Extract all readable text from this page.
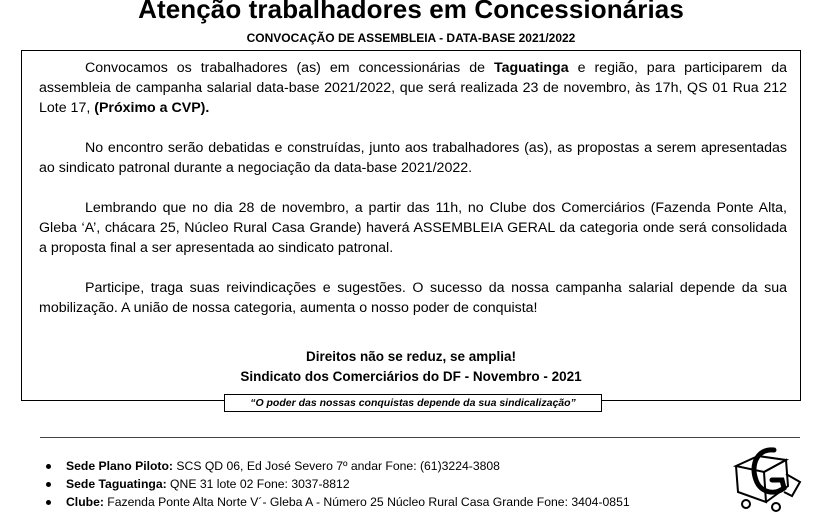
Atenção trabalhadores em Concessionárias
CONVOCAÇÃO DE ASSEMBLEIA - DATA-BASE 2021/2022

Convocamos os trabalhadores (as) em concessionárias de Taguatinga e região, para participarem da assembleia de campanha salarial data-base 2021/2022, que será realizada 23 de novembro, às 17h, QS 01 Rua 212 Lote 17, (Próximo a CVP).

No encontro serão debatidas e construídas, junto aos trabalhadores (as), as propostas a serem apresentadas ao sindicato patronal durante a negociação da data-base 2021/2022.

Lembrando que no dia 28 de novembro, a partir das 11h, no Clube dos Comerciários (Fazenda Ponte Alta, Gleba ‘A’, chácara 25, Núcleo Rural Casa Grande) haverá ASSEMBLEIA GERAL da categoria onde será consolidada a proposta final a ser apresentada ao sindicato patronal.

Participe, traga suas reivindicações e sugestões. O sucesso da nossa campanha salarial depende da sua mobilização. A união de nossa categoria, aumenta o nosso poder de conquista!

Direitos não se reduz, se amplia!
Sindicato dos Comerciários do DF - Novembro - 2021
“O poder das nossas conquistas depende da sua sindicalização”
Sede Plano Piloto: SCS QD 06, Ed José Severo 7º andar Fone: (61)3224-3808
Sede Taguatinga: QNE 31 lote 02 Fone: 3037-8812
Clube: Fazenda Ponte Alta Norte V´- Gleba A - Número 25 Núcleo Rural Casa Grande Fone: 3404-0851
